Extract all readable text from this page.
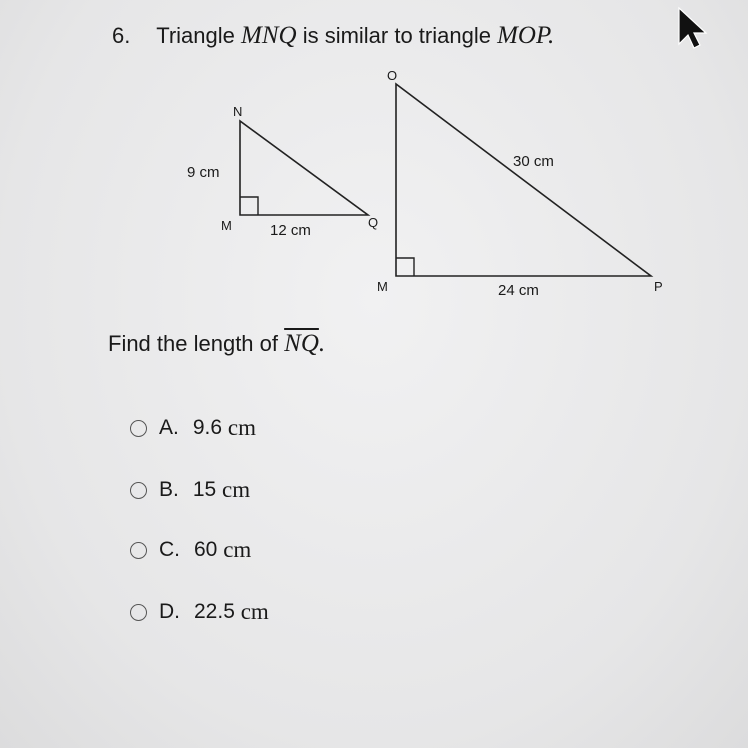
6. Triangle MNQ is similar to triangle MOP.
N
M	Q
9 cm
12 cm
O
M	P
30 cm
24 cm
Find the length of $\overline{NQ}$.
A. 9.6
cm
B. 15
cm
C. 60
cm
D. 22.5
cm
